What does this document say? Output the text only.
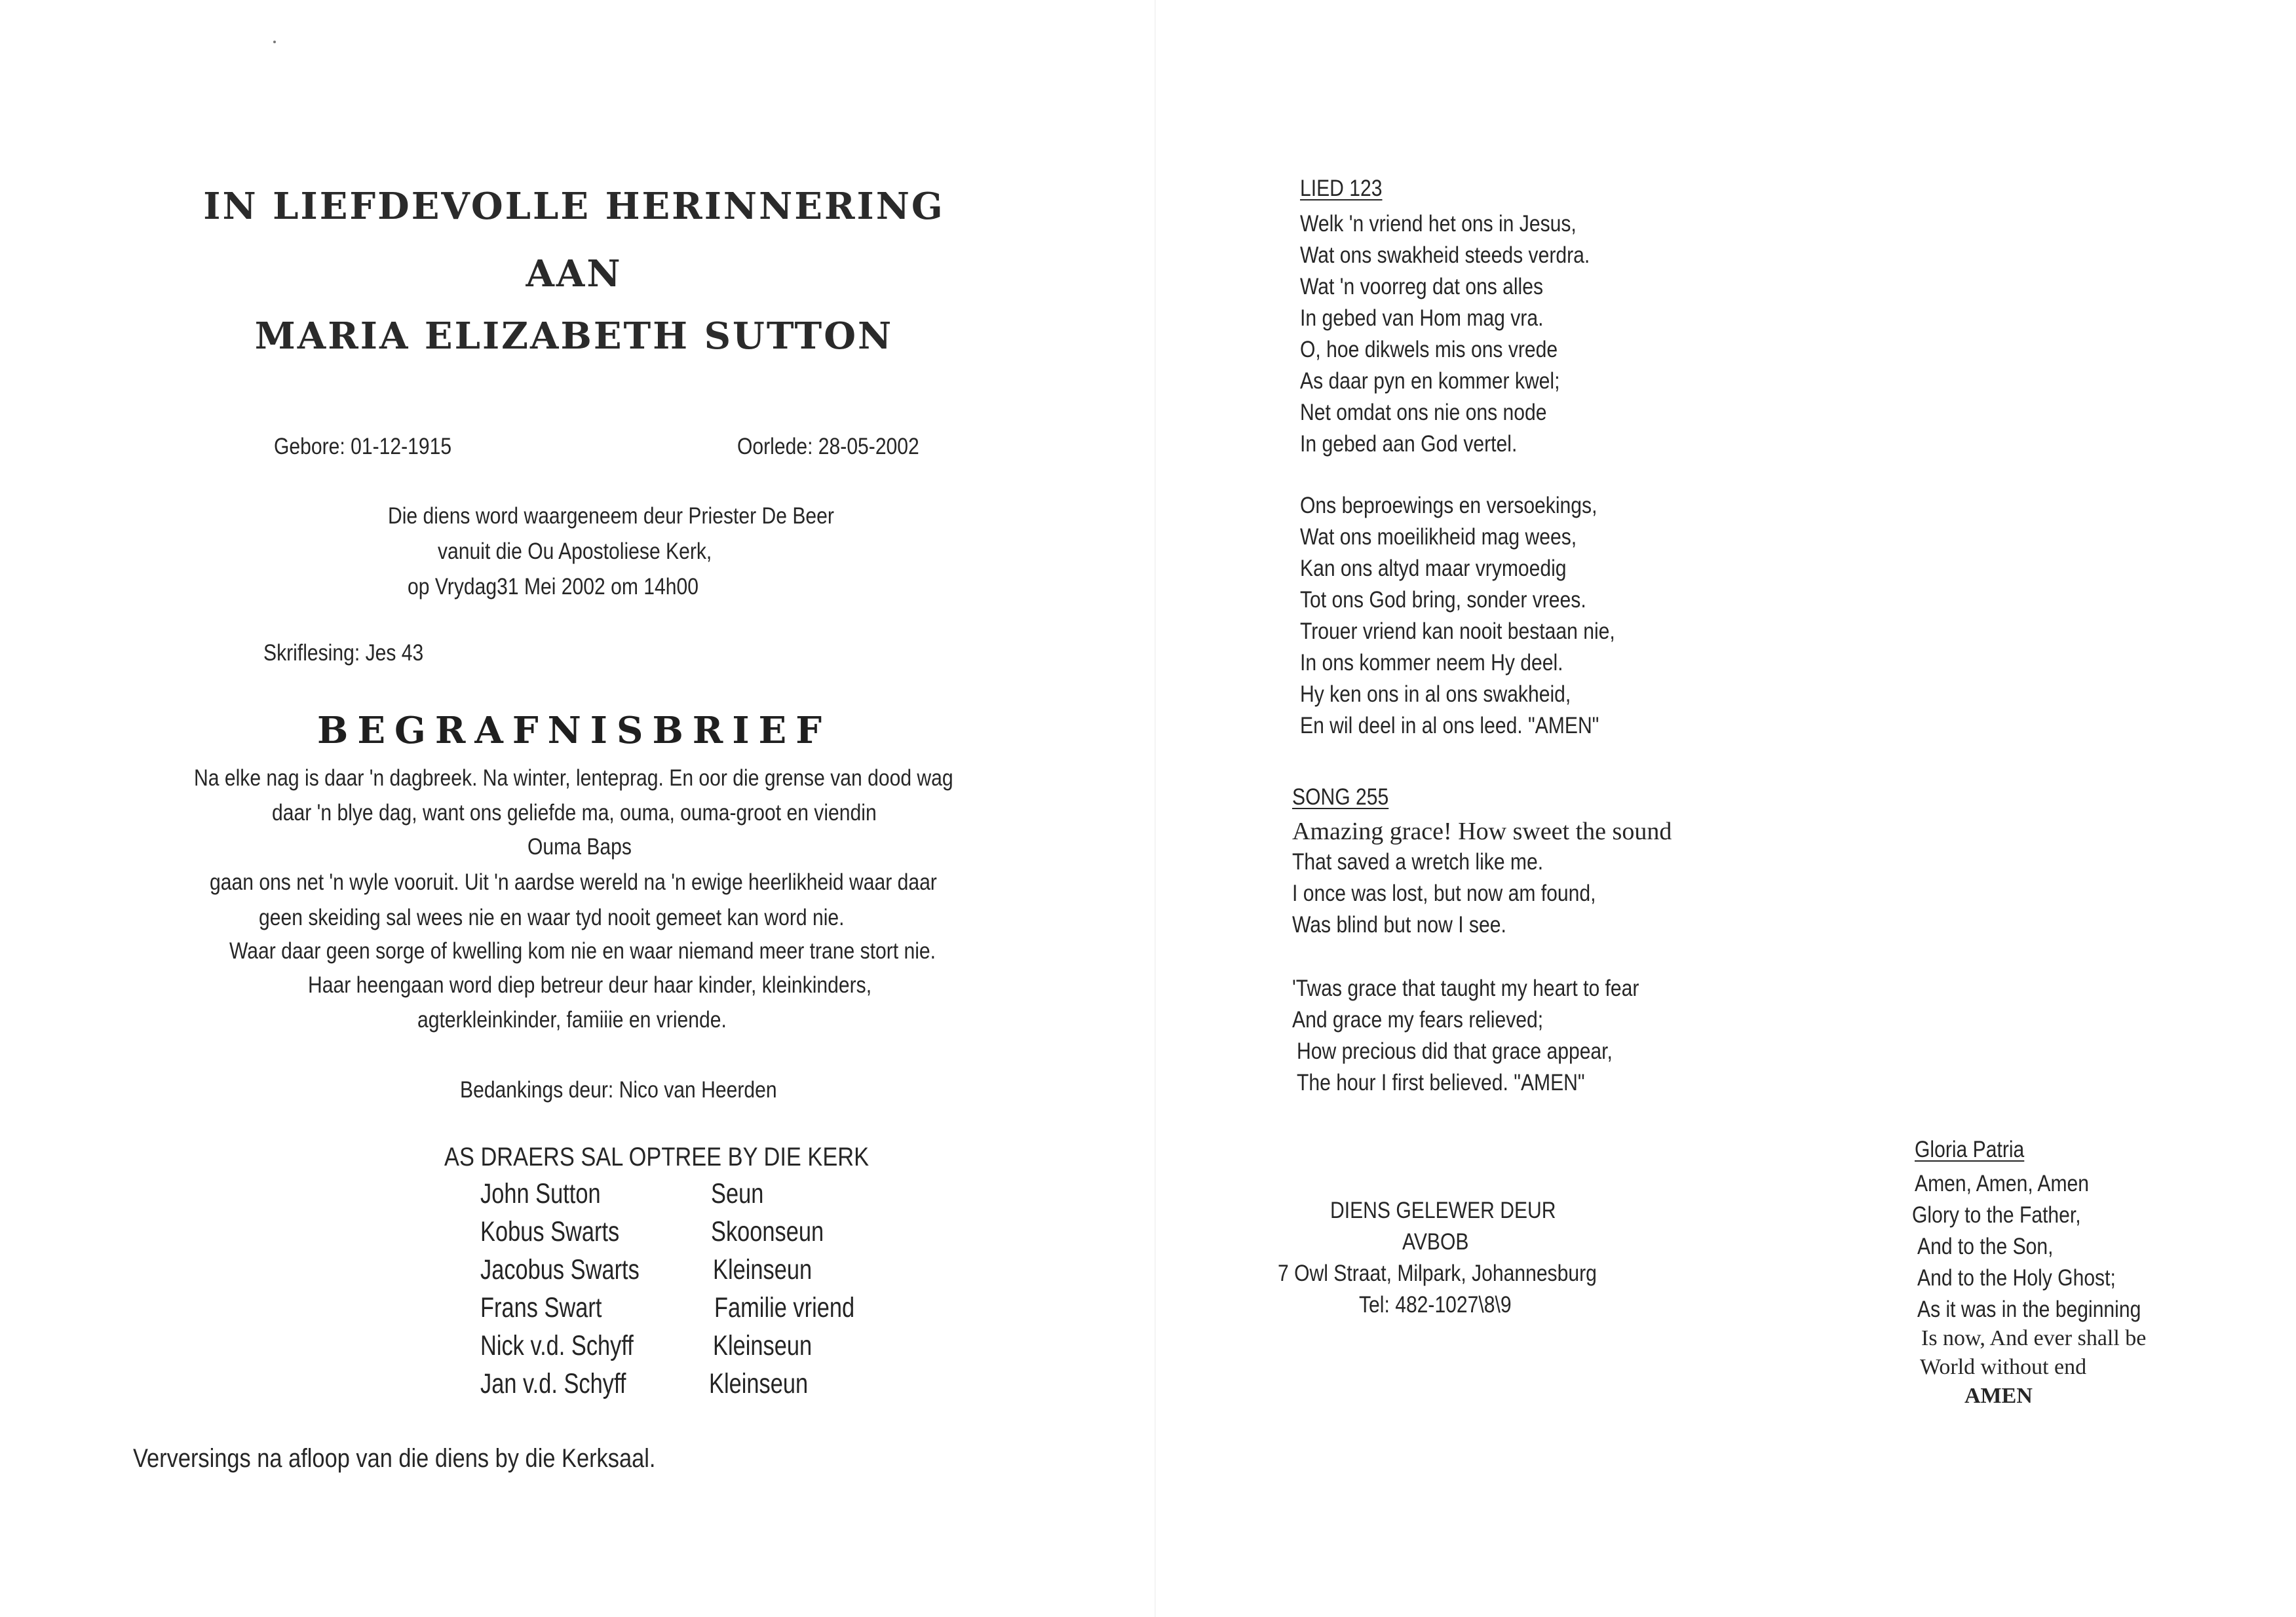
IN LIEFDEVOLLE HERINNERING
AAN
MARIA ELIZABETH SUTTON
Gebore: 01-12-1915	Oorlede: 28-05-2002
Die diens word waargeneem deur Priester De Beer
vanuit die Ou Apostoliese Kerk,
op Vrydag31 Mei 2002 om 14h00
Skriflesing: Jes 43
BEGRAFNISBRIEF
Na elke nag is daar 'n dagbreek. Na winter, lenteprag. En oor die grense van dood wag
daar 'n blye dag, want ons geliefde ma, ouma, ouma-groot en viendin
Ouma Baps
gaan ons net 'n wyle vooruit. Uit 'n aardse wereld na 'n ewige heerlikheid waar daar
geen skeiding sal wees nie en waar tyd nooit gemeet kan word nie.
Waar daar geen sorge of kwelling kom nie en waar niemand meer trane stort nie.
Haar heengaan word diep betreur deur haar kinder, kleinkinders,
agterkleinkinder, famiiie en vriende.
Bedankings deur: Nico van Heerden
AS DRAERS SAL OPTREE BY DIE KERK
John Sutton	Seun
Kobus Swarts	Skoonseun
Jacobus Swarts	Kleinseun
Frans Swart	Familie vriend
Nick v.d. Schyff	Kleinseun
Jan v.d. Schyff	Kleinseun
Verversings na afloop van die diens by die Kerksaal.
LIED 123
Welk 'n vriend het ons in Jesus,
Wat ons swakheid steeds verdra.
Wat 'n voorreg dat ons alles
In gebed van Hom mag vra.
O, hoe dikwels mis ons vrede
As daar pyn en kommer kwel;
Net omdat ons nie ons node
In gebed aan God vertel.
Ons beproewings en versoekings,
Wat ons moeilikheid mag wees,
Kan ons altyd maar vrymoedig
Tot ons God bring, sonder vrees.
Trouer vriend kan nooit bestaan nie,
In ons kommer neem Hy deel.
Hy ken ons in al ons swakheid,
En wil deel in al ons leed. "AMEN"
SONG 255
Amazing grace! How sweet the sound
That saved a wretch like me.
I once was lost, but now am found,
Was blind but now I see.
'Twas grace that taught my heart to fear
And grace my fears relieved;
How precious did that grace appear,
The hour I first believed. "AMEN"
DIENS GELEWER DEUR
AVBOB
7 Owl Straat, Milpark, Johannesburg
Tel: 482-1027\8\9
Gloria Patria
Amen, Amen, Amen
Glory to the Father,
And to the Son,
And to the Holy Ghost;
As it was in the beginning
Is now, And ever shall be
World without end
AMEN
